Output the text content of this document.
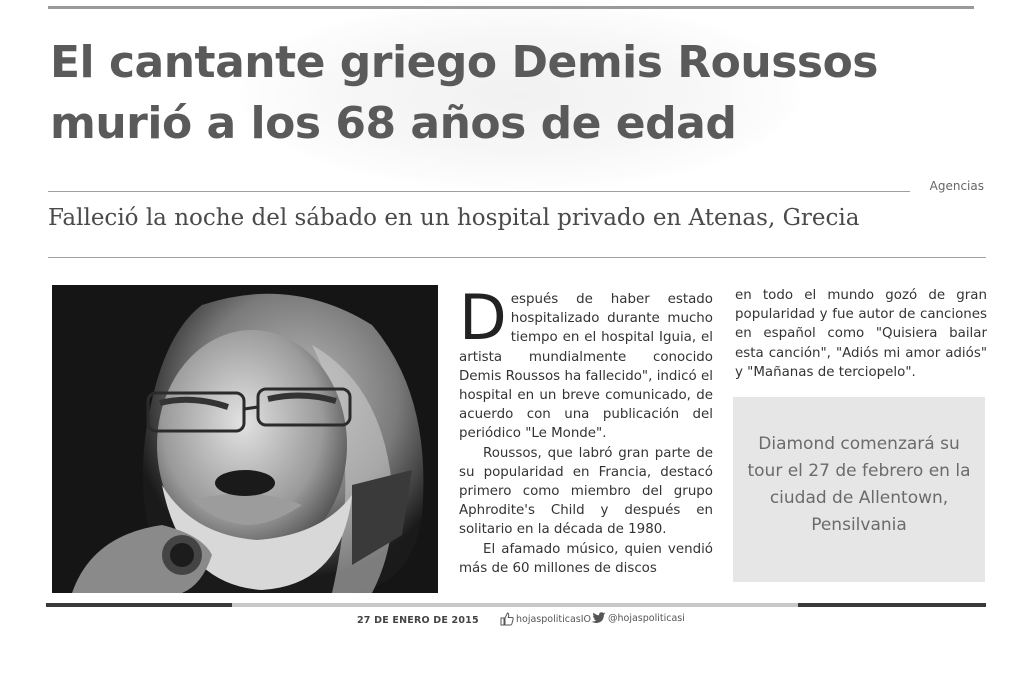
El cantante griego Demis Roussos
murió a los 68 años de edad
Agencias
Falleció la noche del sábado en un hospital privado en Atenas, Grecia

Después de haber estado hospitalizado durante mucho tiempo en el hospital Iguia, el artista mundialmente conocido Demis Roussos ha fallecido", indicó el hospital en un breve comunicado, de acuerdo con una publicación del periódico "Le Monde".

Roussos, que labró gran parte de su popularidad en Francia, destacó primero como miembro del grupo Aphrodite's Child y después en solitario en la década de 1980.

El afamado músico, quien vendió más de 60 millones de discos

en todo el mundo gozó de gran popularidad y fue autor de canciones en español como "Quisiera bailar esta canción", "Adiós mi amor adiós" y "Mañanas de terciopelo".

Diamond comenzará su tour el 27 de febrero en la ciudad de Allentown, Pensilvania

27 DE ENERO DE 2015	hojaspoliticasIO @hojaspoliticasi
